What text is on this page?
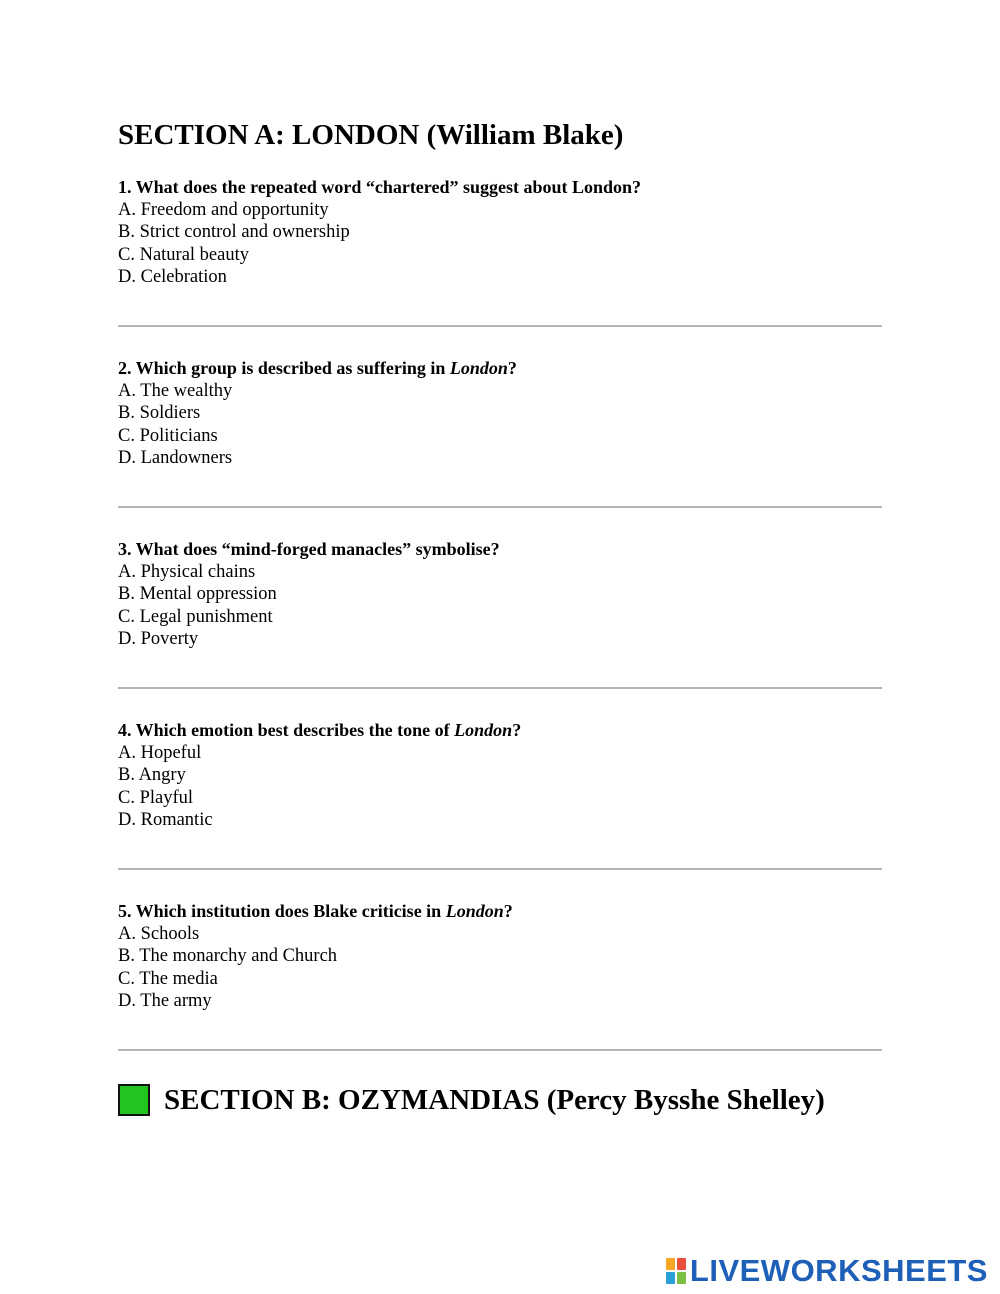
SECTION A: LONDON (William Blake)
1. What does the repeated word “chartered” suggest about London?
A. Freedom and opportunity
B. Strict control and ownership
C. Natural beauty
D. Celebration
2. Which group is described as suffering in London?
A. The wealthy
B. Soldiers
C. Politicians
D. Landowners
3. What does “mind-forged manacles” symbolise?
A. Physical chains
B. Mental oppression
C. Legal punishment
D. Poverty
4. Which emotion best describes the tone of London?
A. Hopeful
B. Angry
C. Playful
D. Romantic
5. Which institution does Blake criticise in London?
A. Schools
B. The monarchy and Church
C. The media
D. The army
SECTION B: OZYMANDIAS (Percy Bysshe Shelley)
LIVEWORKSHEETS
